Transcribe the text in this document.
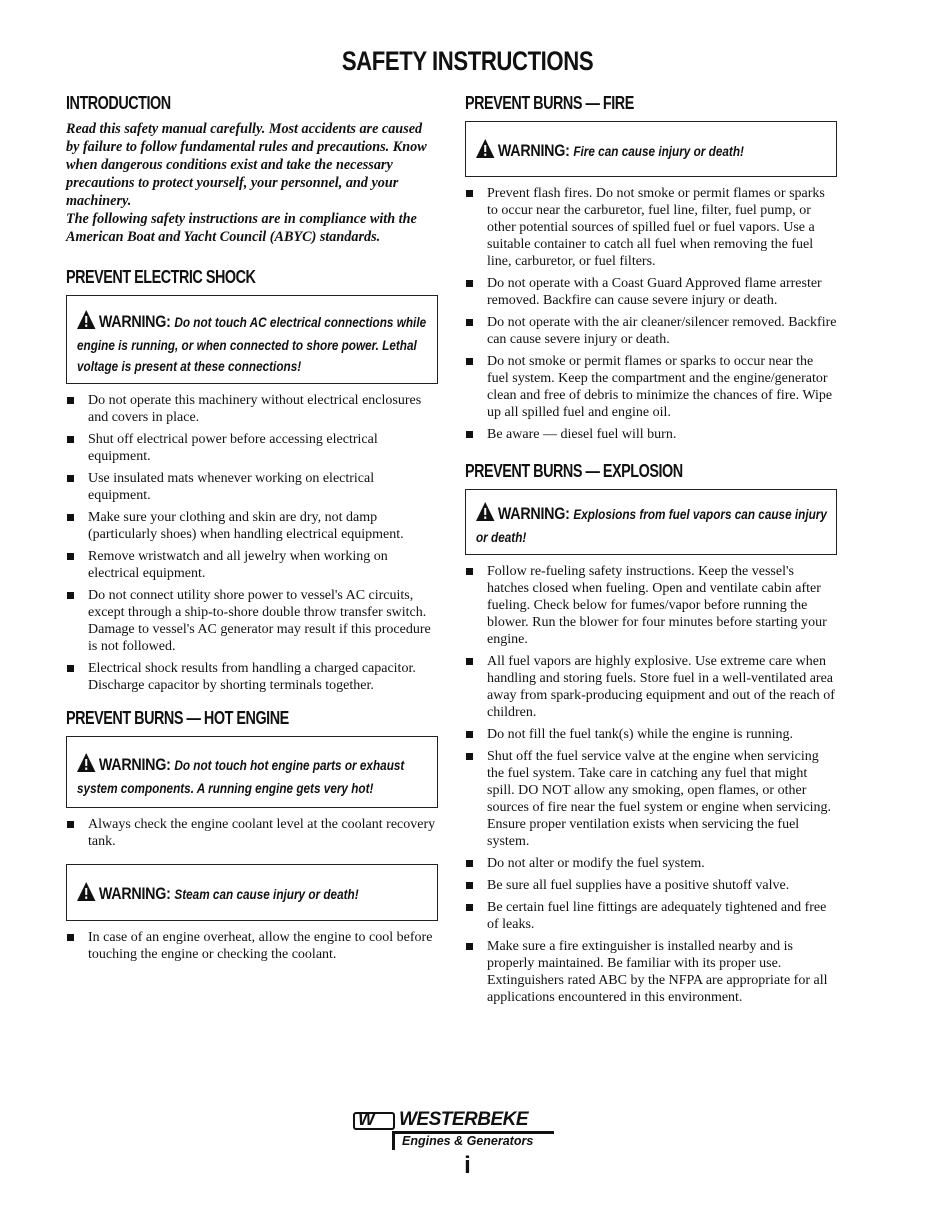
SAFETY INSTRUCTIONS
INTRODUCTION

Read this safety manual carefully. Most accidents are caused by failure to follow fundamental rules and precautions. Know when dangerous conditions exist and take the necessary precautions to protect yourself, your personnel, and your machinery.

The following safety instructions are in compliance with the American Boat and Yacht Council (ABYC) standards.

PREVENT ELECTRIC SHOCK
WARNING: Do not touch AC electrical connections while engine is running, or when connected to shore power. Lethal voltage is present at these connections!
Do not operate this machinery without electrical enclosures and covers in place.
Shut off electrical power before accessing electrical equipment.
Use insulated mats whenever working on electrical equipment.
Make sure your clothing and skin are dry, not damp (particularly shoes) when handling electrical equipment.
Remove wristwatch and all jewelry when working on electrical equipment.
Do not connect utility shore power to vessel's AC circuits, except through a ship-to-shore double throw transfer switch. Damage to vessel's AC generator may result if this procedure is not followed.
Electrical shock results from handling a charged capacitor. Discharge capacitor by shorting terminals together.
PREVENT BURNS — HOT ENGINE
WARNING: Do not touch hot engine parts or exhaust system components. A running engine gets very hot!
Always check the engine coolant level at the coolant recovery tank.
WARNING: Steam can cause injury or death!
In case of an engine overheat, allow the engine to cool before touching the engine or checking the coolant.
PREVENT BURNS — FIRE
WARNING: Fire can cause injury or death!
Prevent flash fires. Do not smoke or permit flames or sparks to occur near the carburetor, fuel line, filter, fuel pump, or other potential sources of spilled fuel or fuel vapors. Use a suitable container to catch all fuel when removing the fuel line, carburetor, or fuel filters.
Do not operate with a Coast Guard Approved flame arrester removed. Backfire can cause severe injury or death.
Do not operate with the air cleaner/silencer removed. Backfire can cause severe injury or death.
Do not smoke or permit flames or sparks to occur near the fuel system. Keep the compartment and the engine/generator clean and free of debris to minimize the chances of fire. Wipe up all spilled fuel and engine oil.
Be aware — diesel fuel will burn.
PREVENT BURNS — EXPLOSION
WARNING: Explosions from fuel vapors can cause injury or death!
Follow re-fueling safety instructions. Keep the vessel's hatches closed when fueling. Open and ventilate cabin after fueling. Check below for fumes/vapor before running the blower. Run the blower for four minutes before starting your engine.
All fuel vapors are highly explosive. Use extreme care when handling and storing fuels. Store fuel in a well-ventilated area away from spark-producing equipment and out of the reach of children.
Do not fill the fuel tank(s) while the engine is running.
Shut off the fuel service valve at the engine when servicing the fuel system. Take care in catching any fuel that might spill. DO NOT allow any smoking, open flames, or other sources of fire near the fuel system or engine when servicing. Ensure proper ventilation exists when servicing the fuel system.
Do not alter or modify the fuel system.
Be sure all fuel supplies have a positive shutoff valve.
Be certain fuel line fittings are adequately tightened and free of leaks.
Make sure a fire extinguisher is installed nearby and is properly maintained. Be familiar with its proper use. Extinguishers rated ABC by the NFPA are appropriate for all applications encountered in this environment.
W WESTERBEKE
Engines & Generators
i
